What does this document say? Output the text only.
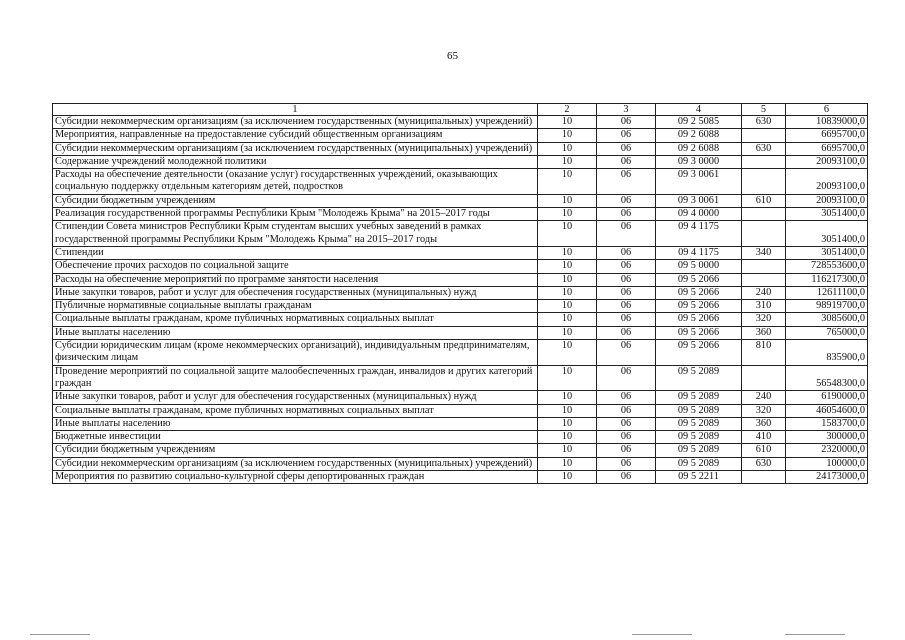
65
1	2	3	4	5	6
Субсидии некоммерческим организациям (за исключением государственных (муниципальных) учреждений)	10	06	09 2 5085	630	10839000,0
Мероприятия, направленные на предоставление субсидий общественным организациям	10	06	09 2 6088		6695700,0
Субсидии некоммерческим организациям (за исключением государственных (муниципальных) учреждений)	10	06	09 2 6088	630	6695700,0
Содержание учреждений молодежной политики	10	06	09 3 0000		20093100,0
Расходы на обеспечение деятельности (оказание услуг) государственных учреждений, оказывающих социальную поддержку отдельным категориям детей, подростков	10	06	09 3 0061		20093100,0
Субсидии бюджетным учреждениям	10	06	09 3 0061	610	20093100,0
Реализация государственной программы Республики Крым "Молодежь Крыма" на 2015–2017 годы	10	06	09 4 0000		3051400,0
Стипендии Совета министров Республики Крым студентам высших учебных заведений в рамках государственной программы Республики Крым "Молодежь Крыма" на 2015–2017 годы	10	06	09 4 1175		3051400,0
Стипендии	10	06	09 4 1175	340	3051400,0
Обеспечение прочих расходов по социальной защите	10	06	09 5 0000		728553600,0
Расходы на обеспечение мероприятий по программе занятости населения	10	06	09 5 2066		116217300,0
Иные закупки товаров, работ и услуг для обеспечения государственных (муниципальных) нужд	10	06	09 5 2066	240	12611100,0
Публичные нормативные социальные выплаты гражданам	10	06	09 5 2066	310	98919700,0
Социальные выплаты гражданам, кроме публичных нормативных социальных выплат	10	06	09 5 2066	320	3085600,0
Иные выплаты населению	10	06	09 5 2066	360	765000,0
Субсидии юридическим лицам (кроме некоммерческих организаций), индивидуальным предпринимателям, физическим лицам	10	06	09 5 2066	810	835900,0
Проведение мероприятий по социальной защите малообеспеченных граждан, инвалидов и других категорий граждан	10	06	09 5 2089		56548300,0
Иные закупки товаров, работ и услуг для обеспечения государственных (муниципальных) нужд	10	06	09 5 2089	240	6190000,0
Социальные выплаты гражданам, кроме публичных нормативных социальных выплат	10	06	09 5 2089	320	46054600,0
Иные выплаты населению	10	06	09 5 2089	360	1583700,0
Бюджетные инвестиции	10	06	09 5 2089	410	300000,0
Субсидии бюджетным учреждениям	10	06	09 5 2089	610	2320000,0
Субсидии некоммерческим организациям (за исключением государственных (муниципальных) учреждений)	10	06	09 5 2089	630	100000,0
Мероприятия по развитию социально-культурной сферы депортированных граждан	10	06	09 5 2211		24173000,0
